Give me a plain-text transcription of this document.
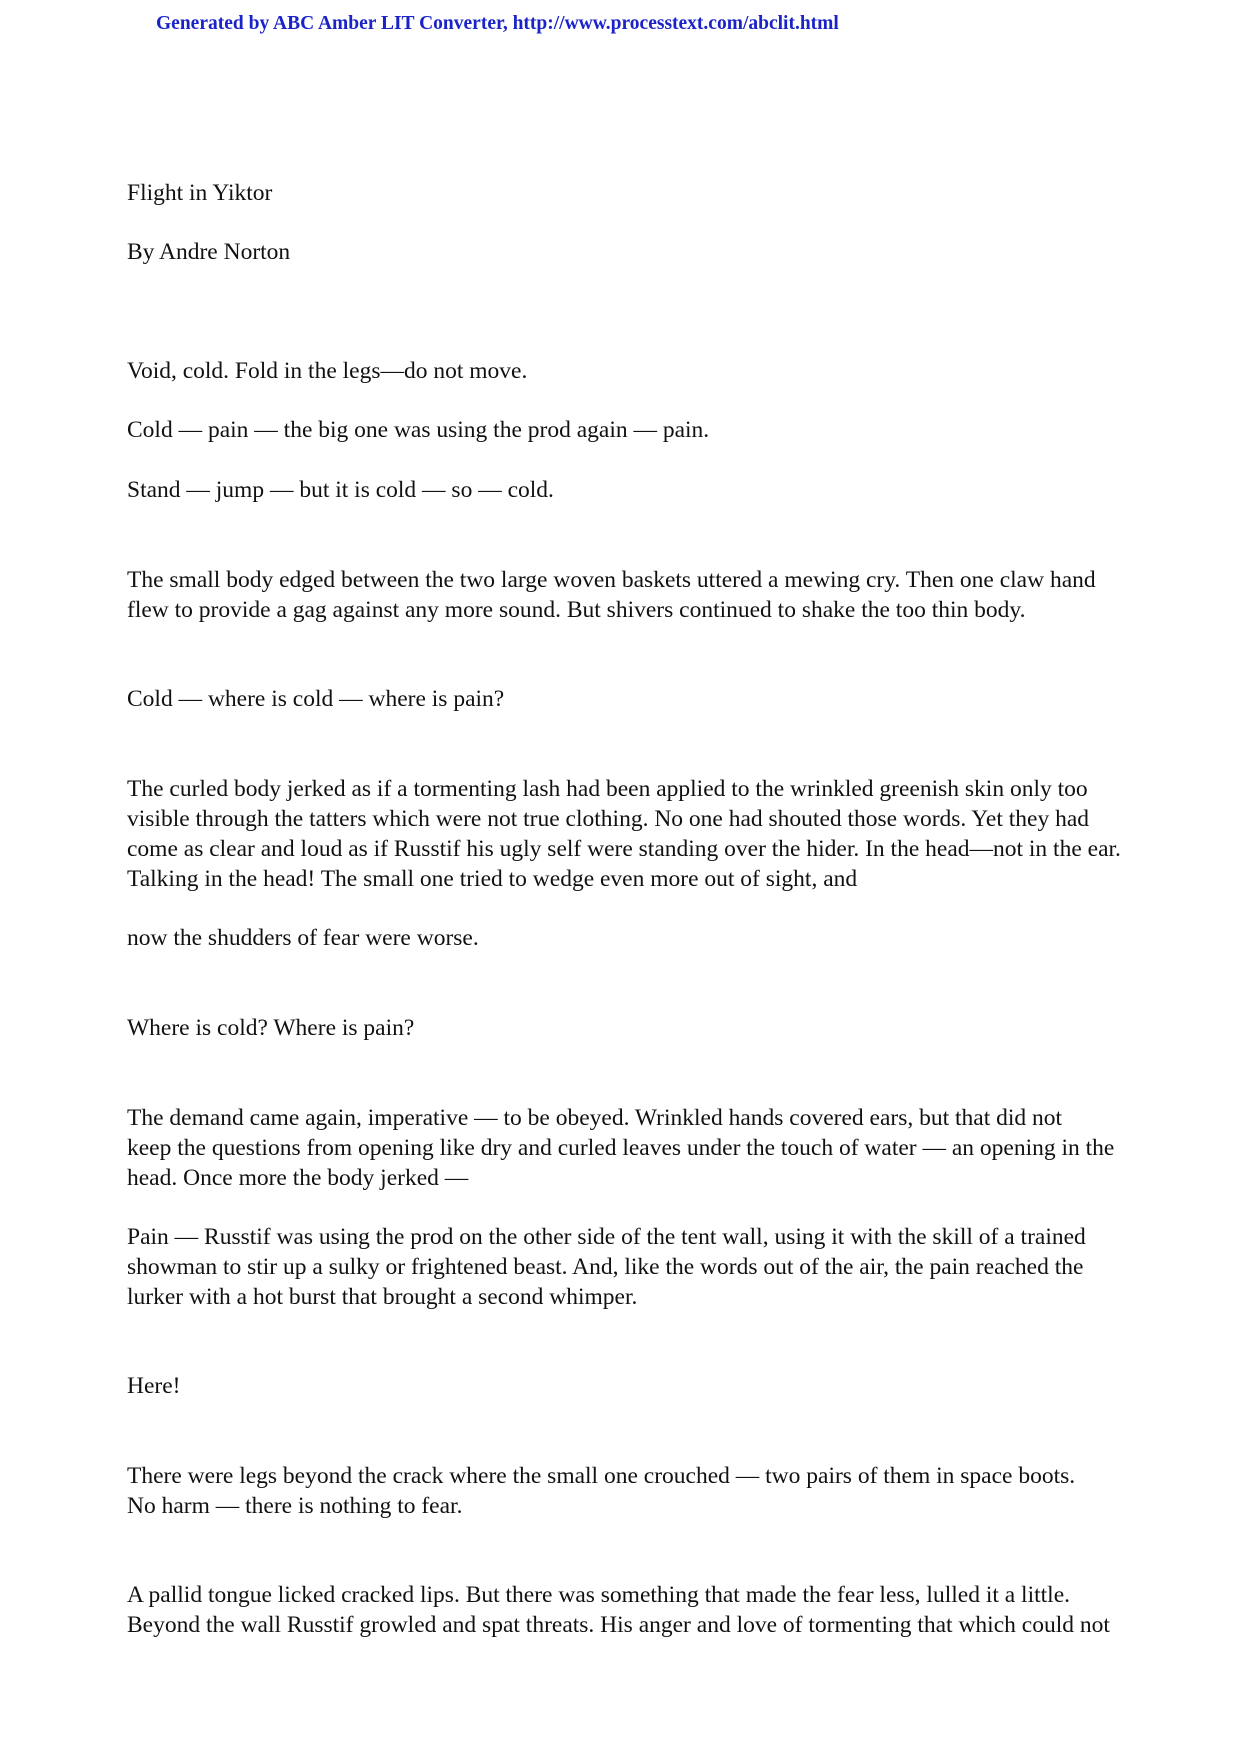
Generated by ABC Amber LIT Converter, http://www.processtext.com/abclit.html

Flight in Yiktor

By Andre Norton

Void, cold. Fold in the legs—do not move.

Cold — pain — the big one was using the prod again — pain.

Stand — jump — but it is cold — so — cold.

The small body edged between the two large woven baskets uttered a mewing cry. Then one claw hand
flew to provide a gag against any more sound. But shivers continued to shake the too thin body.

Cold — where is cold — where is pain?

The curled body jerked as if a tormenting lash had been applied to the wrinkled greenish skin only too
visible through the tatters which were not true clothing. No one had shouted those words. Yet they had
come as clear and loud as if Russtif his ugly self were standing over the hider. In the head—not in the ear.
Talking in the head! The small one tried to wedge even more out of sight, and

now the shudders of fear were worse.

Where is cold? Where is pain?

The demand came again, imperative — to be obeyed. Wrinkled hands covered ears, but that did not
keep the questions from opening like dry and curled leaves under the touch of water — an opening in the
head. Once more the body jerked —

Pain — Russtif was using the prod on the other side of the tent wall, using it with the skill of a trained
showman to stir up a sulky or frightened beast. And, like the words out of the air, the pain reached the
lurker with a hot burst that brought a second whimper.

Here!

There were legs beyond the crack where the small one crouched — two pairs of them in space boots.
No harm — there is nothing to fear.

A pallid tongue licked cracked lips. But there was something that made the fear less, lulled it a little.
Beyond the wall Russtif growled and spat threats. His anger and love of tormenting that which could not
